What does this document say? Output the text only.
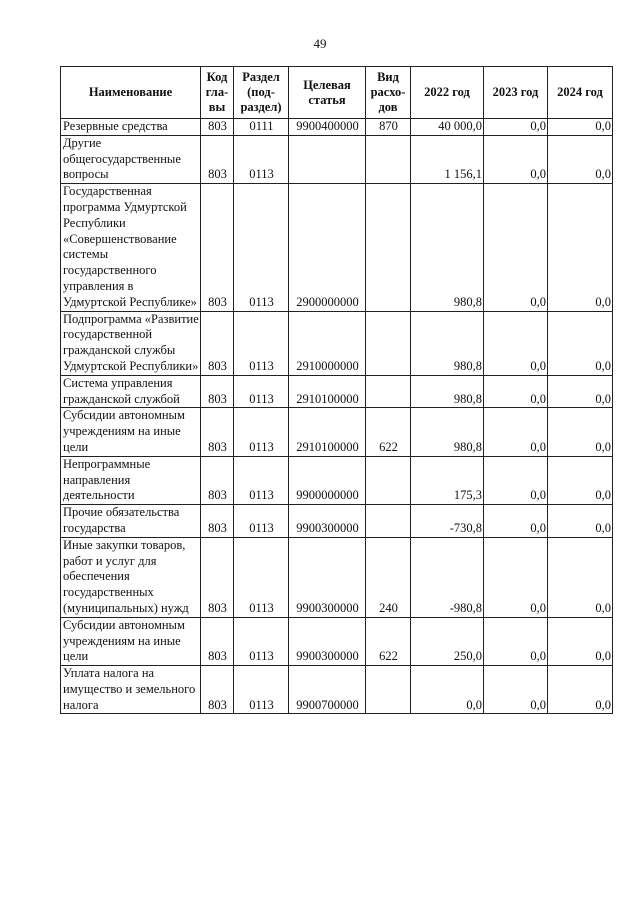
49
Наименование	Код гла-вы	Раздел (под-раздел)	Целевая статья	Вид расхо-дов	2022 год	2023 год	2024 год
Резервные средства	803	0111	9900400000	870	40 000,0	0,0	0,0
Другие общегосударственные вопросы	803	0113			1 156,1	0,0	0,0
Государственная программа Удмуртской Республики «Совершенствование системы государственного управления в Удмуртской Республике»	803	0113	2900000000		980,8	0,0	0,0
Подпрограмма «Развитие государственной гражданской службы Удмуртской Республики»	803	0113	2910000000		980,8	0,0	0,0
Система управления гражданской службой	803	0113	2910100000		980,8	0,0	0,0
Субсидии автономным учреждениям на иные цели	803	0113	2910100000	622	980,8	0,0	0,0
Непрограммные направления деятельности	803	0113	9900000000		175,3	0,0	0,0
Прочие обязательства государства	803	0113	9900300000		-730,8	0,0	0,0
Иные закупки товаров, работ и услуг для обеспечения государственных (муниципальных) нужд	803	0113	9900300000	240	-980,8	0,0	0,0
Субсидии автономным учреждениям на иные цели	803	0113	9900300000	622	250,0	0,0	0,0
Уплата налога на имущество и земельного налога	803	0113	9900700000		0,0	0,0	0,0
